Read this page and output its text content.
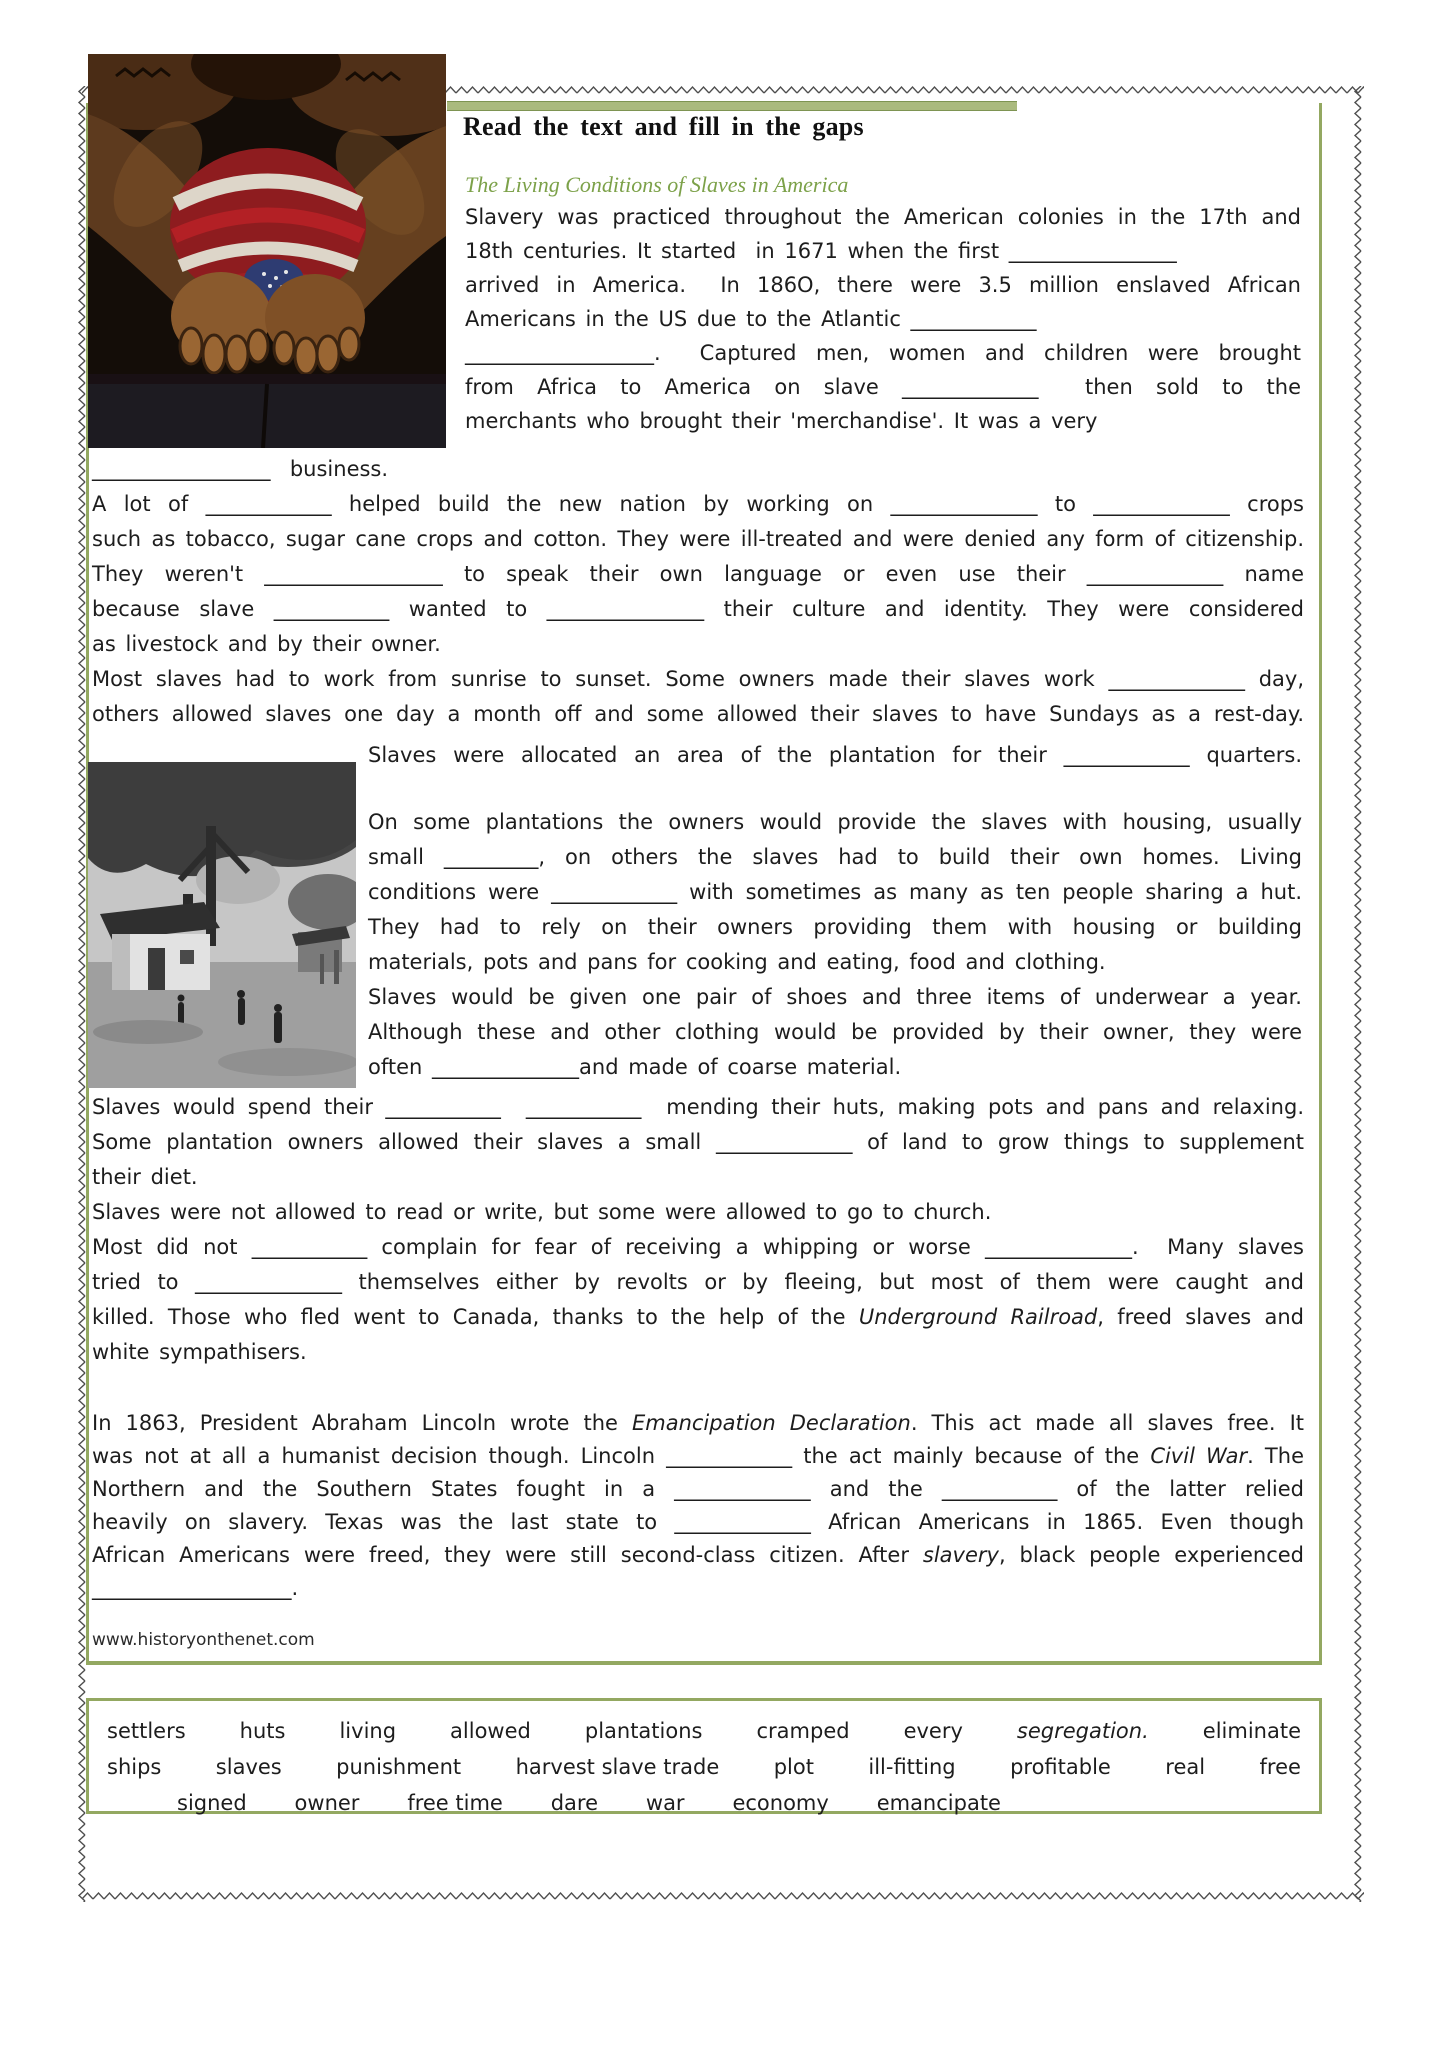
Read the text and fill in the gaps
The Living Conditions of Slaves in America
Slavery was practiced throughout the American colonies in the 17th and
18th centuries. It started  in 1671 when the first ________________
arrived in America.  In 186O, there were 3.5 million enslaved African
Americans in the US due to the Atlantic ____________
__________________.  Captured men, women and children were brought
from Africa to America on slave _____________  then sold to the
merchants who brought their 'merchandise'. It was a very
_________________  business.
A lot of ____________ helped build the new nation by working on ______________ to _____________ crops
such as tobacco, sugar cane crops and cotton. They were ill-treated and were denied any form of citizenship.
They weren't _________________ to speak their own language or even use their _____________ name
because slave ___________ wanted to _______________ their culture and identity. They were considered
as livestock and by their owner.
Most slaves had to work from sunrise to sunset. Some owners made their slaves work _____________ day,
others allowed slaves one day a month off and some allowed their slaves to have Sundays as a rest-day.
Slaves were allocated an area of the plantation for their ____________ quarters.
On some plantations the owners would provide the slaves with housing, usually
small _________, on others the slaves had to build their own homes. Living
conditions were ____________ with sometimes as many as ten people sharing a hut.
They had to rely on their owners providing them with housing or building
materials, pots and pans for cooking and eating, food and clothing.
Slaves would be given one pair of shoes and three items of underwear a year.
Although these and other clothing would be provided by their owner, they were
often ______________and made of coarse material.
Slaves would spend their ___________  ___________  mending their huts, making pots and pans and relaxing.
Some plantation owners allowed their slaves a small _____________ of land to grow things to supplement
their diet.
Slaves were not allowed to read or write, but some were allowed to go to church.
Most did not ___________ complain for fear of receiving a whipping or worse ______________.  Many slaves
tried to ______________ themselves either by revolts or by fleeing, but most of them were caught and
killed. Those who fled went to Canada, thanks to the help of the Underground Railroad, freed slaves and
white sympathisers.
In 1863, President Abraham Lincoln wrote the Emancipation Declaration. This act made all slaves free. It
was not at all a humanist decision though. Lincoln ____________ the act mainly because of the Civil War. The
Northern and the Southern States fought in a _____________ and the ___________ of the latter relied
heavily on slavery. Texas was the last state to _____________ African Americans in 1865. Even though
African Americans were freed, they were still second-class citizen. After slavery, black people experienced
___________________.
www.historyonthenet.com
settlers	huts	living	allowed	plantations	cramped	every	segregation.	eliminate
ships	slaves	punishment	harvest slave trade	plot	ill-fitting	profitable	real	free
signed owner free time dare war economy emancipate
